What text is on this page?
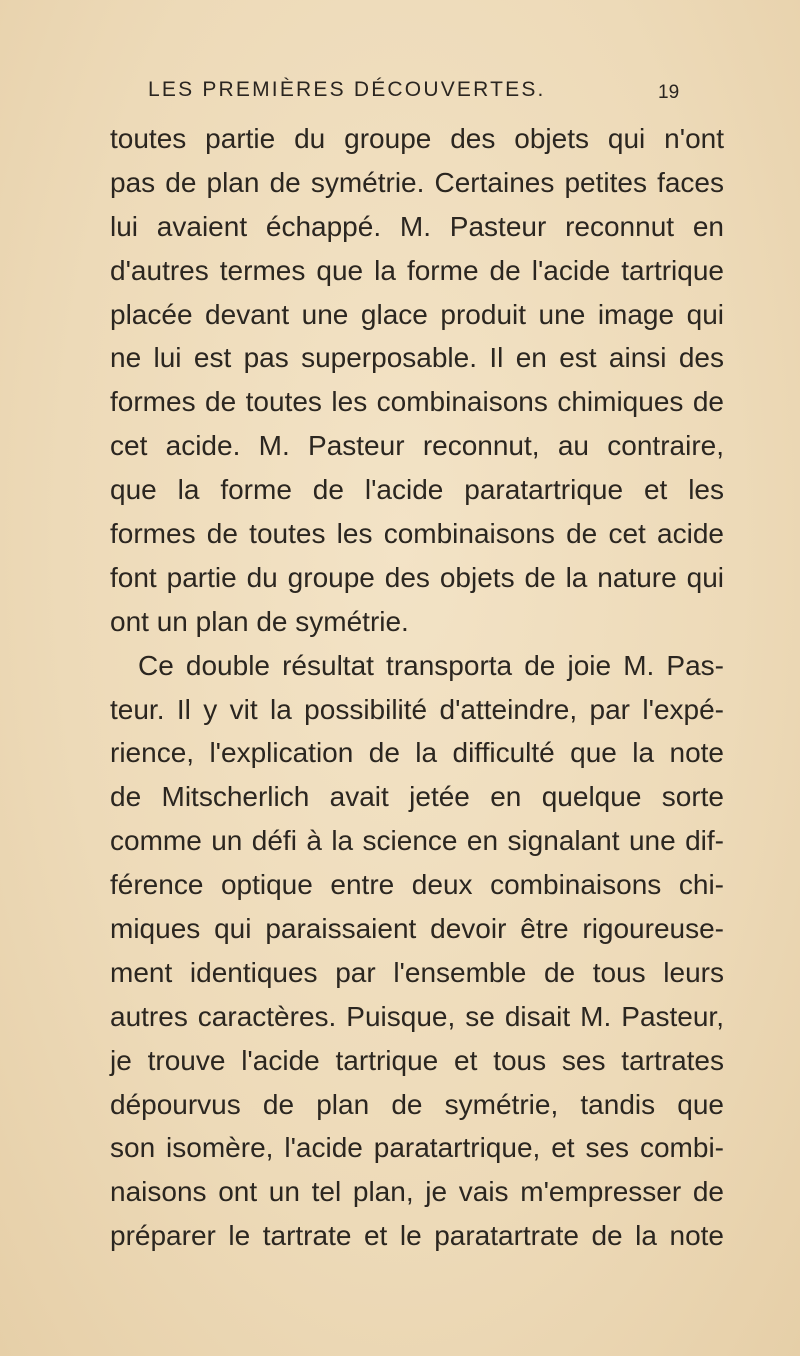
LES PREMIÈRES DÉCOUVERTES.	19
toutes partie du groupe des objets qui n'ont
pas de plan de symétrie. Certaines petites faces
lui avaient échappé. M. Pasteur reconnut en
d'autres termes que la forme de l'acide tartrique
placée devant une glace produit une image qui
ne lui est pas superposable. Il en est ainsi des
formes de toutes les combinaisons chimiques de
cet acide. M. Pasteur reconnut, au contraire,
que la forme de l'acide paratartrique et les
formes de toutes les combinaisons de cet acide
font partie du groupe des objets de la nature qui
ont un plan de symétrie.
Ce double résultat transporta de joie M. Pas-
teur. Il y vit la possibilité d'atteindre, par l'expé-
rience, l'explication de la difficulté que la note
de Mitscherlich avait jetée en quelque sorte
comme un défi à la science en signalant une dif-
férence optique entre deux combinaisons chi-
miques qui paraissaient devoir être rigoureuse-
ment identiques par l'ensemble de tous leurs
autres caractères. Puisque, se disait M. Pasteur,
je trouve l'acide tartrique et tous ses tartrates
dépourvus de plan de symétrie, tandis que
son isomère, l'acide paratartrique, et ses combi-
naisons ont un tel plan, je vais m'empresser de
préparer le tartrate et le paratartrate de la note
